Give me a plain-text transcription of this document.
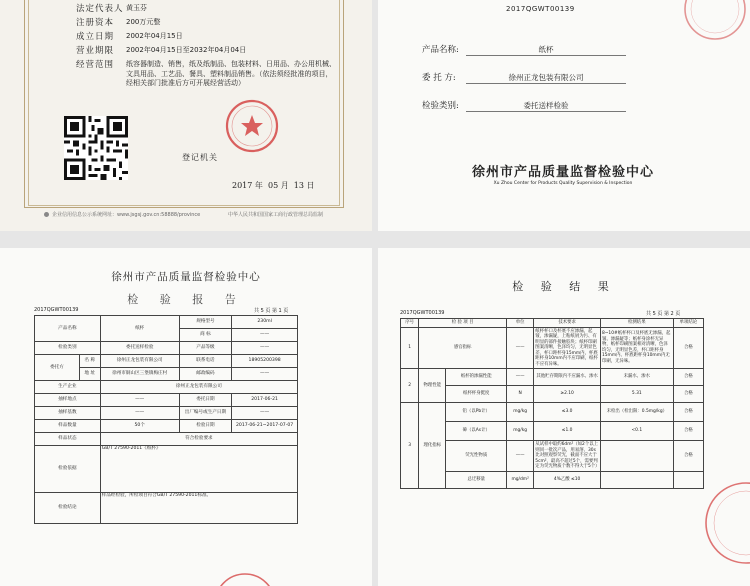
法定代表人 黄玉芬
注册资本	200万元整
成立日期	2002年04月15日
营业期限	2002年04月15日至2032年04月04日
经营范围	纸容器制造、销售，纸及纸制品、包装材料、日用品、办公用机械、文具用品、工艺品、餐具、塑料制品销售。（依法须经批准的项目，经相关部门批准后方可开展经营活动）
登记机关
2017 年  05 月  13 日
企业信用信息公示系统网址：www.jsgsj.gov.cn:58888/province	中华人民共和国国家工商行政管理总局监制
2017QGWT00139
产品名称:	纸杯
委 托 方:	徐州正龙包装有限公司
检验类别:	委托送样检验
徐州市产品质量监督检验中心
Xu Zhou Center for Products Quality Supervision & Inspection
徐州市产品质量监督检验中心
检 验 报 告
2017QGWT00139	共 5 页 第 1 页
产品名称		纸杯	规格型号	230ml
			商 标	——
检验类别		委托送样检验	产品等级	——
委托方	名 称	徐州正龙包装有限公司	联系电话	18905200398
	地 址	徐州市铜山区三堡镇梅庄村	邮政编码	——
生产企业		徐州正龙包装有限公司		
抽样地点		——	委托日期	2017-06-21
抽样基数		——	出厂编号或生产日期	——
样品数量		50个	检验日期	2017-06-21~2017-07-07
样品状态		符合检验要求		
检验依据		GB/T 27590-2011《纸杯》		
检验结论		样品经检验，所检项目符合GB/T 27590-2011标准。		
检 验 结 果
2017QGWT00139	共 5 页 第 2 页
序号	检 验 项 目		单位	技术要求	检测结果	单项结论
1	感官指标		——	纸杯杯口及杯底不应渗漏，起皱，渗漏疑，上粘纸屑为污、有明显的部件接触胶块；纸杯印刷图案清晰，色泽均匀，无明显色差，杯口距杯身15mm内，杯底距杯身10mm内不应印刷，纸杯不应有异味。	8~10#纸杯杯口及杯底无渗漏，起皱、渗漏疑等；纸杯身涂杯无异物，纸杯印刷图案相对清晰，色泽均匀，无明显色差，杯口距杯身15mm内、杯底距杯身10mm内无印刷，无异味。	合格
2	物理性能	纸杯的渗漏性能	——	其他贮存期限内不应漏水、渗水	未漏水、渗水	合格
		纸杯杯身挺度	N	≥2.10	5.31	合格
3	理化指标	铅（以Pb计）	mg/kg	≤3.0	未检出（检出限：0.5mg/kg）	合格
		砷（以As计）	mg/kg	≤1.0	<0.1	合格
		荧光性物质	——	从试样中取约6dm²（如2个以上则同一批次产品，用易溶、30s比对照观察荧光，截面不应大于5cm²，最高不超过5个，需要判定为荧光物质个数不得大于5个）		合格
		总迁移量	mg/dm²	4%乙酸 ≤10		
